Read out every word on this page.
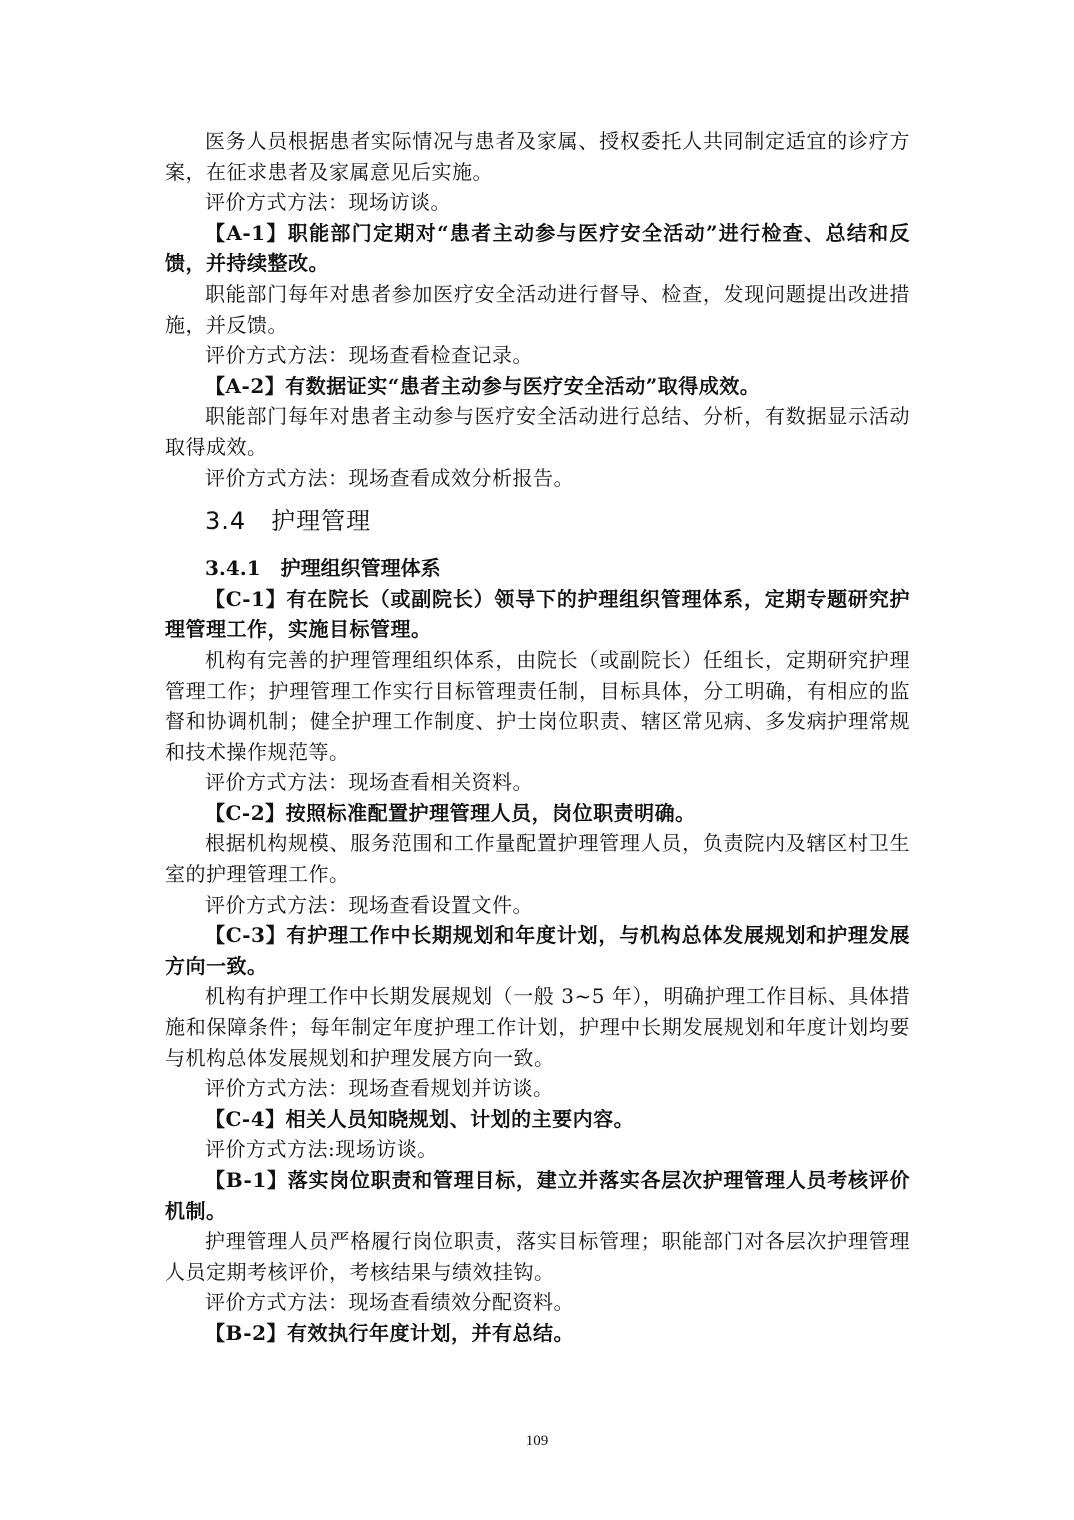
医务人员根据患者实际情况与患者及家属、授权委托人共同制定适宜的诊疗方案，在征求患者及家属意见后实施。
评价方式方法：现场访谈。
【A-1】职能部门定期对“患者主动参与医疗安全活动”进行检查、总结和反馈，并持续整改。
职能部门每年对患者参加医疗安全活动进行督导、检查，发现问题提出改进措施，并反馈。
评价方式方法：现场查看检查记录。
【A-2】有数据证实“患者主动参与医疗安全活动”取得成效。
职能部门每年对患者主动参与医疗安全活动进行总结、分析，有数据显示活动取得成效。
评价方式方法：现场查看成效分析报告。
3.4　护理管理
3.4.1　护理组织管理体系
【C-1】有在院长（或副院长）领导下的护理组织管理体系，定期专题研究护理管理工作，实施目标管理。
机构有完善的护理管理组织体系，由院长（或副院长）任组长，定期研究护理管理工作；护理管理工作实行目标管理责任制，目标具体，分工明确，有相应的监督和协调机制；健全护理工作制度、护士岗位职责、辖区常见病、多发病护理常规和技术操作规范等。
评价方式方法：现场查看相关资料。
【C-2】按照标准配置护理管理人员，岗位职责明确。
根据机构规模、服务范围和工作量配置护理管理人员，负责院内及辖区村卫生室的护理管理工作。
评价方式方法：现场查看设置文件。
【C-3】有护理工作中长期规划和年度计划，与机构总体发展规划和护理发展方向一致。
机构有护理工作中长期发展规划（一般 3~5 年），明确护理工作目标、具体措施和保障条件；每年制定年度护理工作计划，护理中长期发展规划和年度计划均要与机构总体发展规划和护理发展方向一致。
评价方式方法：现场查看规划并访谈。
【C-4】相关人员知晓规划、计划的主要内容。
评价方式方法:现场访谈。
【B-1】落实岗位职责和管理目标，建立并落实各层次护理管理人员考核评价机制。
护理管理人员严格履行岗位职责，落实目标管理；职能部门对各层次护理管理人员定期考核评价，考核结果与绩效挂钩。
评价方式方法：现场查看绩效分配资料。
【B-2】有效执行年度计划，并有总结。
109
